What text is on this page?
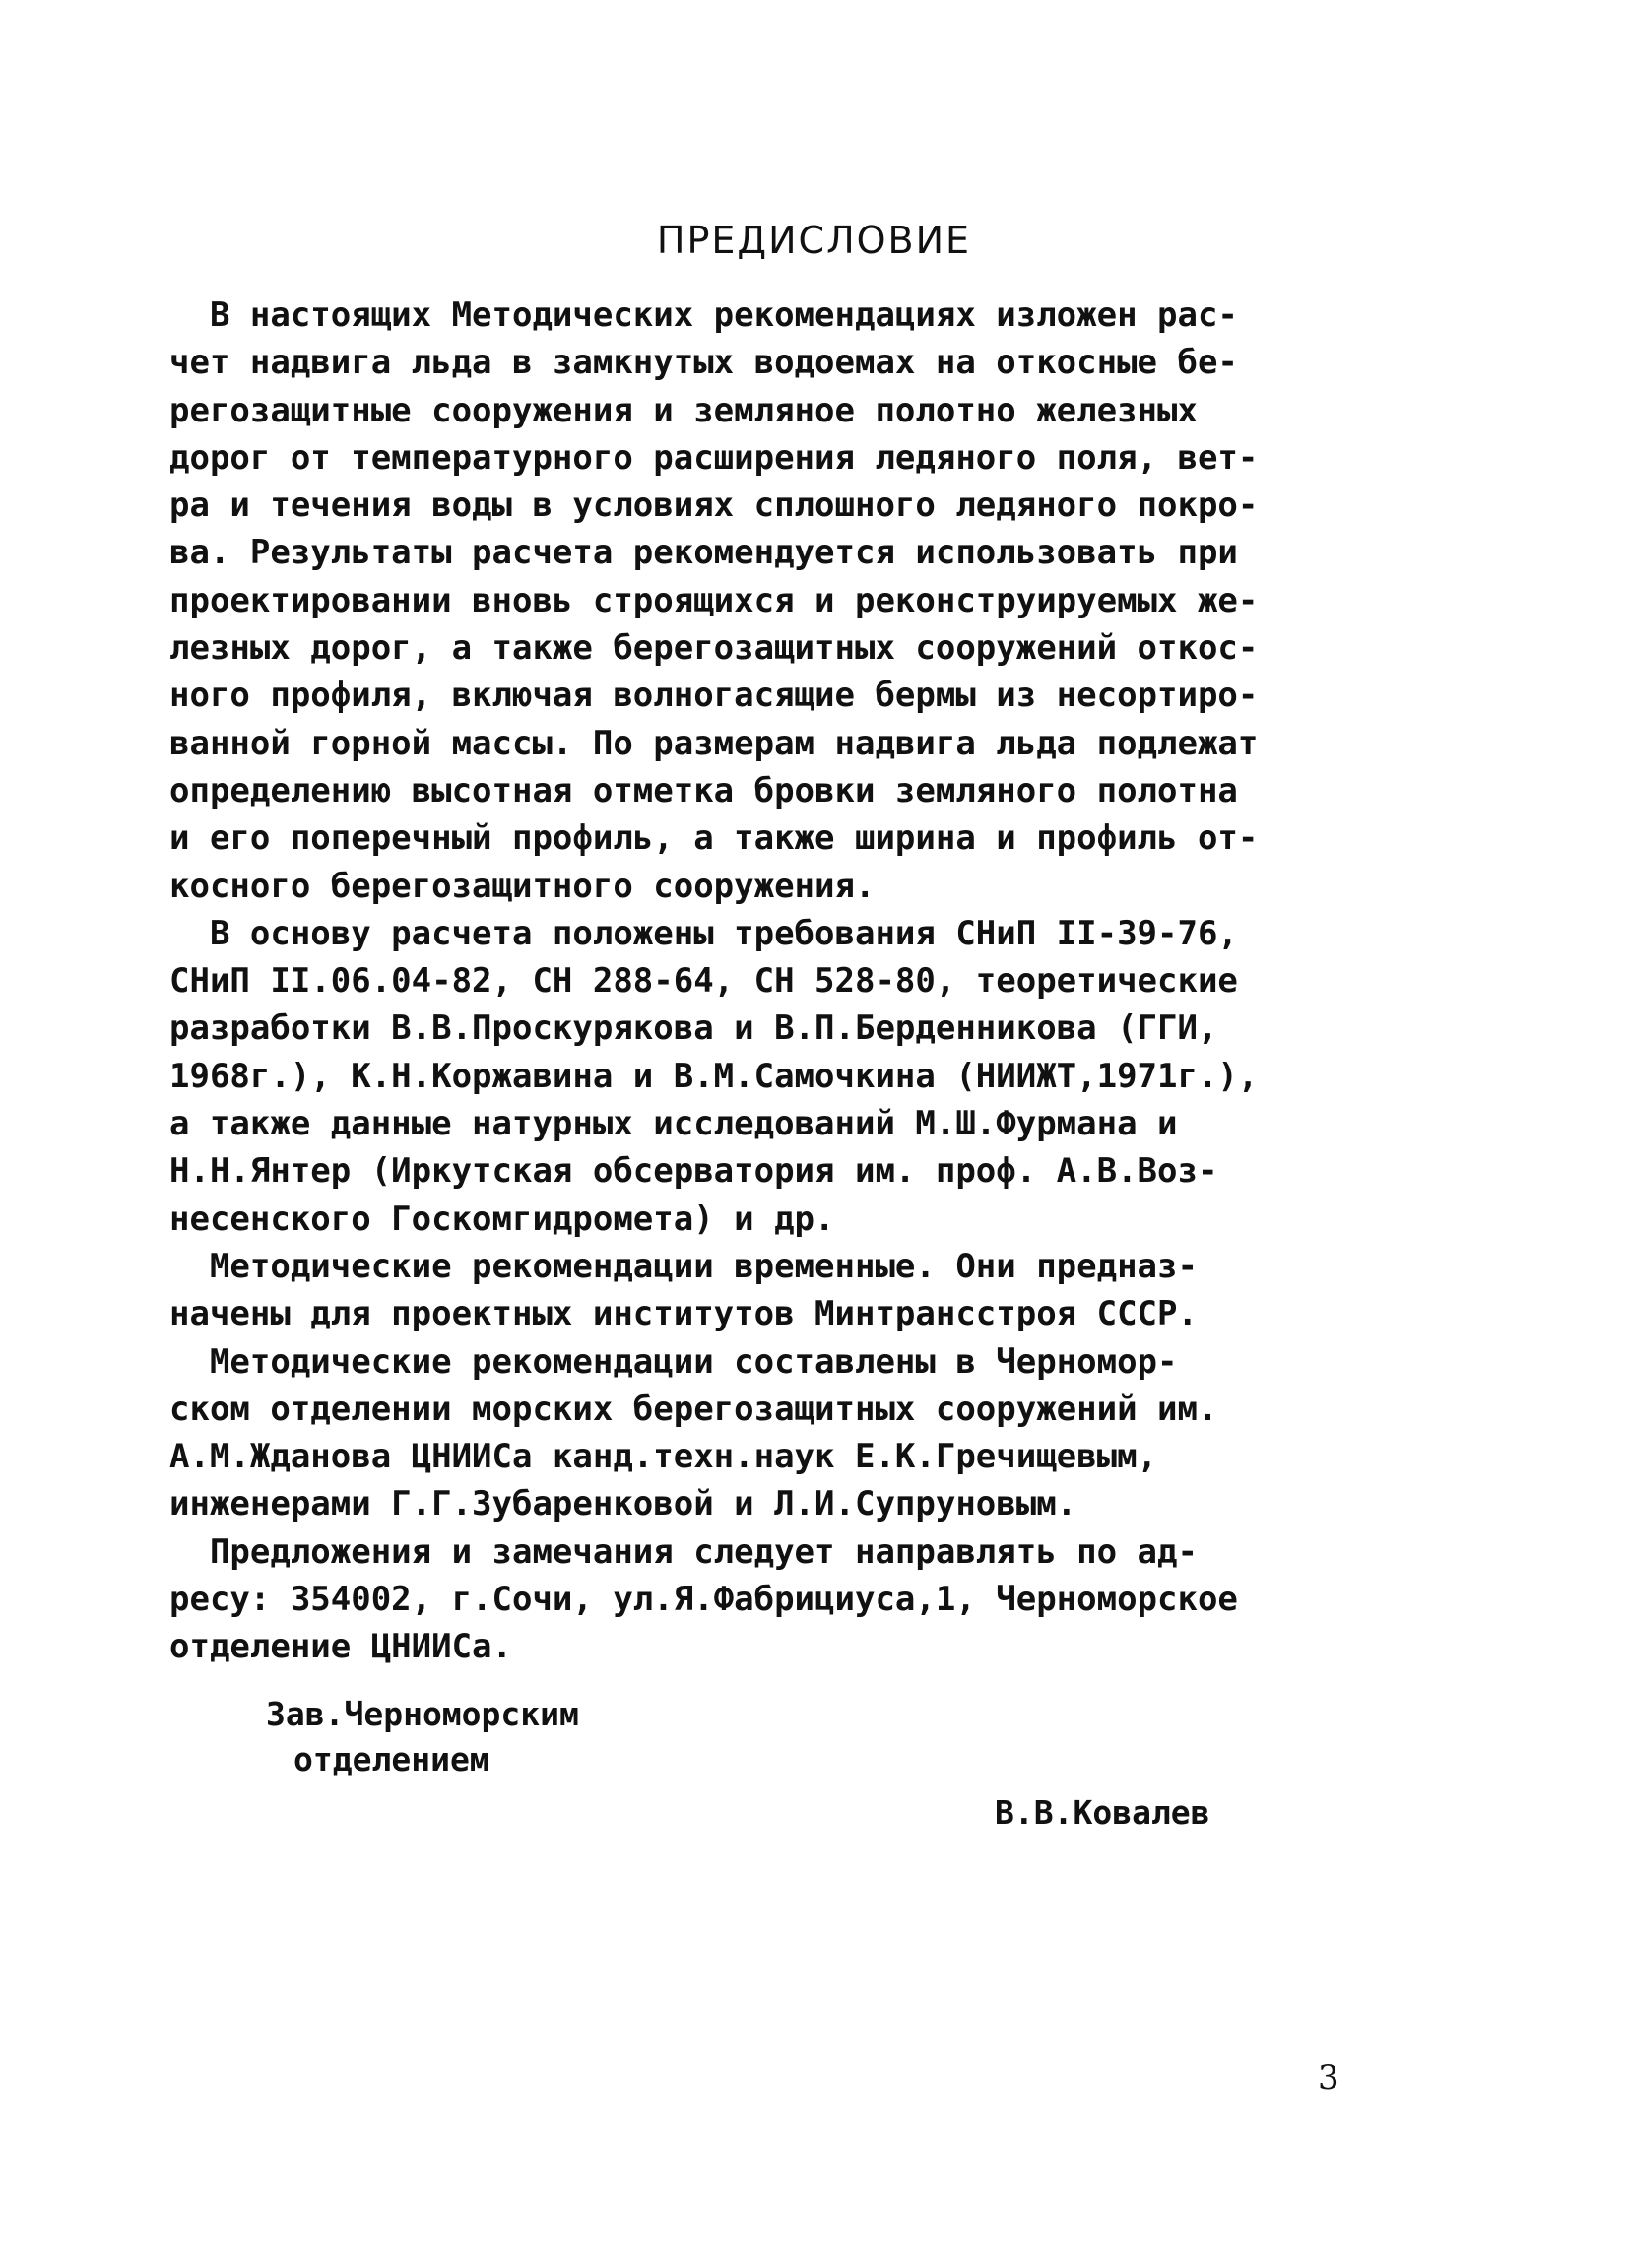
ПРЕДИСЛОВИЕ
В настоящих Методических рекомендациях изложен рас-
чет надвига льда в замкнутых водоемах на откосные бе-
регозащитные сооружения и земляное полотно железных
дорог от температурного расширения ледяного поля, вет-
ра и течения воды в условиях сплошного ледяного покро-
ва. Результаты расчета рекомендуется использовать при
проектировании вновь строящихся и реконструируемых же-
лезных дорог, а также берегозащитных сооружений откос-
ного профиля, включая волногасящие бермы из несортиро-
ванной горной массы. По размерам надвига льда подлежат
определению высотная отметка бровки земляного полотна
и его поперечный профиль, а также ширина и профиль от-
косного берегозащитного сооружения.
В основу расчета положены требования СНиП II-39-76,
СНиП II.06.04-82, СН 288-64, СН 528-80, теоретические
разработки В.В.Проскурякова и В.П.Берденникова (ГГИ,
1968г.), К.Н.Коржавина и В.М.Самочкина (НИИЖТ,1971г.),
а также данные натурных исследований М.Ш.Фурмана и
Н.Н.Янтер (Иркутская обсерватория им. проф. А.В.Воз-
несенского Госкомгидромета) и др.
Методические рекомендации временные. Они предназ-
начены для проектных институтов Минтрансстроя СССР.
Методические рекомендации составлены в Черномор-
ском отделении морских берегозащитных сооружений им.
А.М.Жданова ЦНИИСа канд.техн.наук Е.К.Гречищевым,
инженерами Г.Г.Зубаренковой и Л.И.Супруновым.
Предложения и замечания следует направлять по ад-
ресу: 354002, г.Сочи, ул.Я.Фабрициуса,1, Черноморское
отделение ЦНИИСа.
Зав.Черноморским
отделением
В.В.Ковалев
3
